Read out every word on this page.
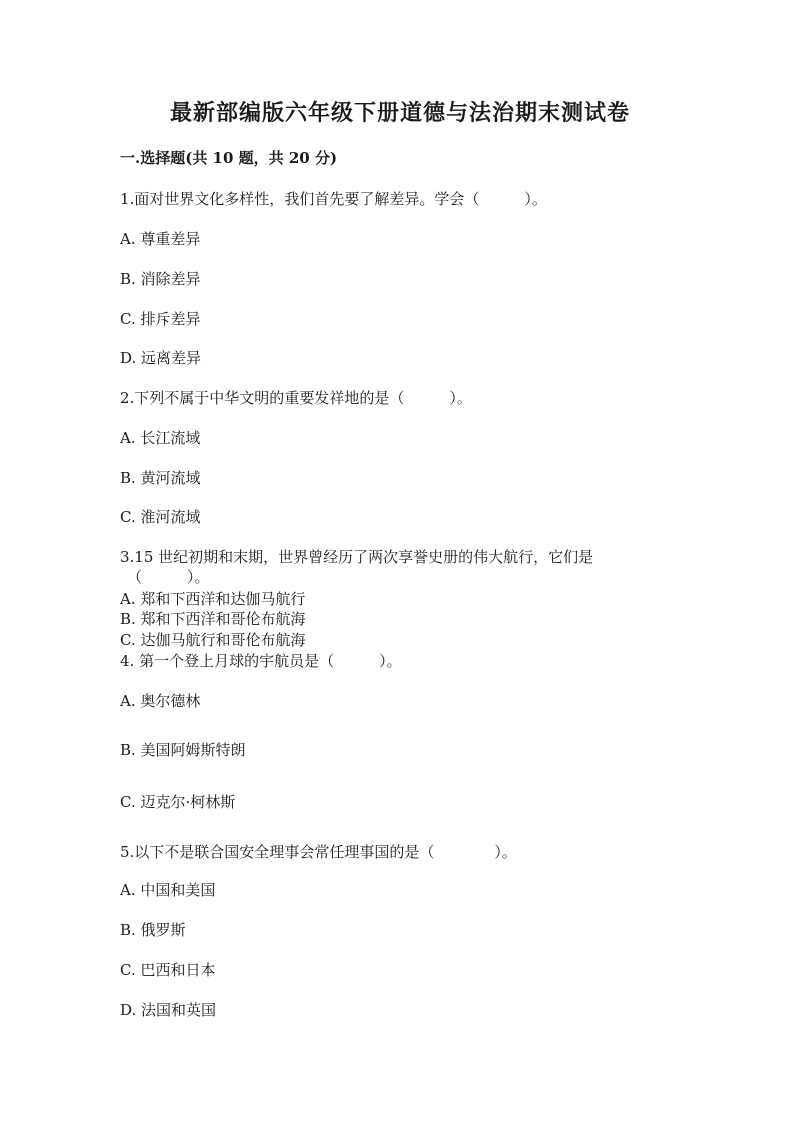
最新部编版六年级下册道德与法治期末测试卷
一.选择题(共 10 题，共 20 分)
1.面对世界文化多样性，我们首先要了解差异。学会（　　　）。
A. 尊重差异
B. 消除差异
C. 排斥差异
D. 远离差异
2.下列不属于中华文明的重要发祥地的是（　　　）。
A. 长江流域
B. 黄河流域
C. 淮河流域
3.15 世纪初期和末期，世界曾经历了两次享誉史册的伟大航行，它们是
（　　　）。
A. 郑和下西洋和达伽马航行
B. 郑和下西洋和哥伦布航海
C. 达伽马航行和哥伦布航海
4. 第一个登上月球的宇航员是（　　　）。
A. 奥尔德林
B. 美国阿姆斯特朗
C. 迈克尔·柯林斯
5.以下不是联合国安全理事会常任理事国的是（　　　　）。
A. 中国和美国
B. 俄罗斯
C. 巴西和日本
D. 法国和英国
